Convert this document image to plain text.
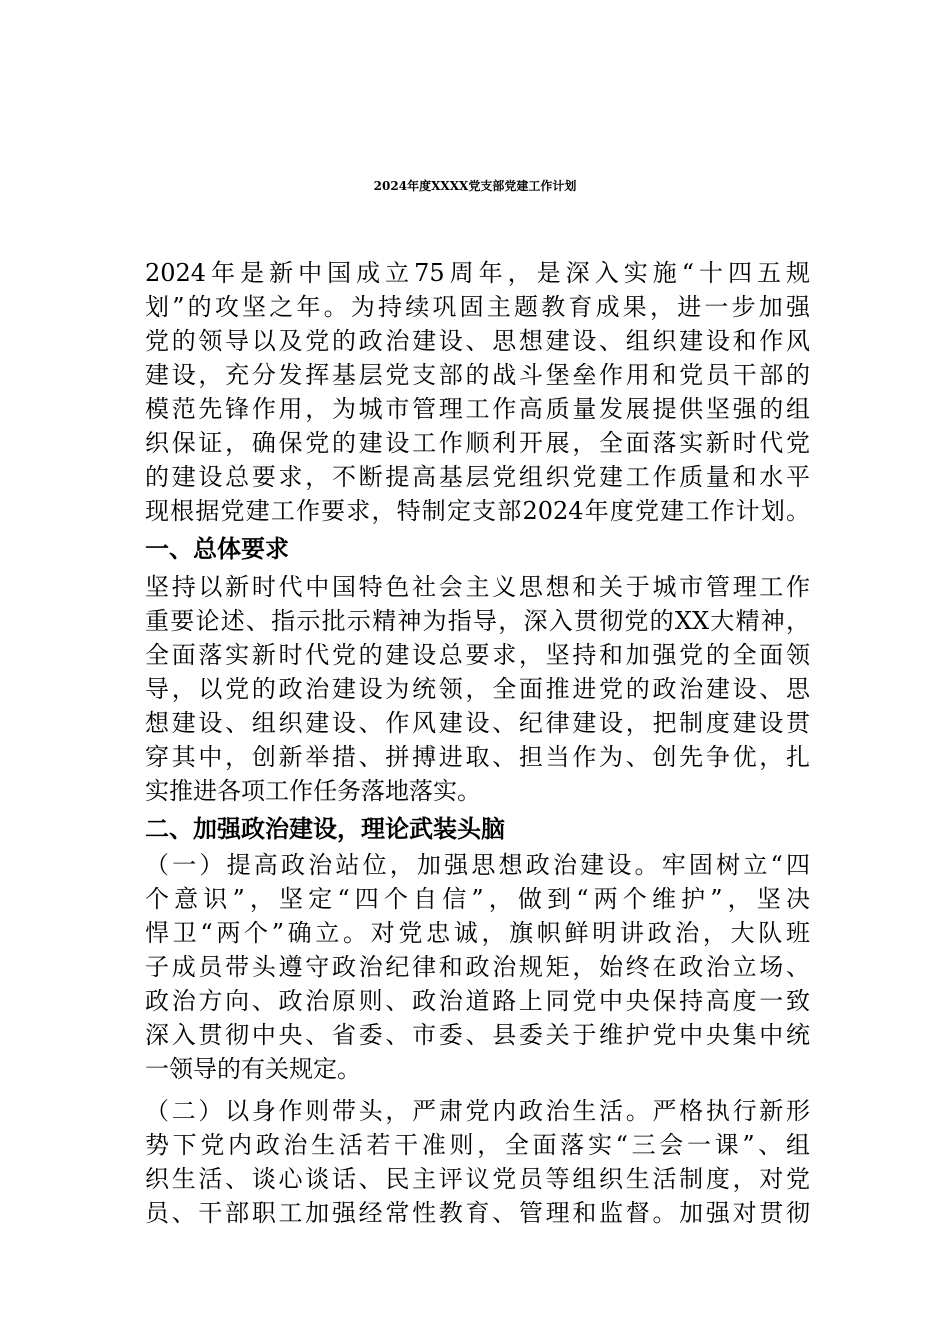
2024年度XXXX党支部党建工作计划
2024年是新中国成立75周年，是深入实施“十四五规
划”的攻坚之年。为持续巩固主题教育成果，进一步加强
党的领导以及党的政治建设、思想建设、组织建设和作风
建设，充分发挥基层党支部的战斗堡垒作用和党员干部的
模范先锋作用，为城市管理工作高质量发展提供坚强的组
织保证，确保党的建设工作顺利开展，全面落实新时代党
的建设总要求，不断提高基层党组织党建工作质量和水平
现根据党建工作要求，特制定支部2024年度党建工作计划。
一、总体要求
坚持以新时代中国特色社会主义思想和关于城市管理工作
重要论述、指示批示精神为指导，深入贯彻党的XX大精神，
全面落实新时代党的建设总要求，坚持和加强党的全面领
导，以党的政治建设为统领，全面推进党的政治建设、思
想建设、组织建设、作风建设、纪律建设，把制度建设贯
穿其中，创新举措、拼搏进取、担当作为、创先争优，扎
实推进各项工作任务落地落实。
二、加强政治建设，理论武装头脑
（一）提高政治站位，加强思想政治建设。牢固树立“四
个意识”，坚定“四个自信”，做到“两个维护”，坚决
悍卫“两个”确立。对党忠诚，旗帜鲜明讲政治，大队班
子成员带头遵守政治纪律和政治规矩，始终在政治立场、
政治方向、政治原则、政治道路上同党中央保持高度一致
深入贯彻中央、省委、市委、县委关于维护党中央集中统
一领导的有关规定。
（二）以身作则带头，严肃党内政治生活。严格执行新形
势下党内政治生活若干准则，全面落实“三会一课”、组
织生活、谈心谈话、民主评议党员等组织生活制度，对党
员、干部职工加强经常性教育、管理和监督。加强对贯彻
